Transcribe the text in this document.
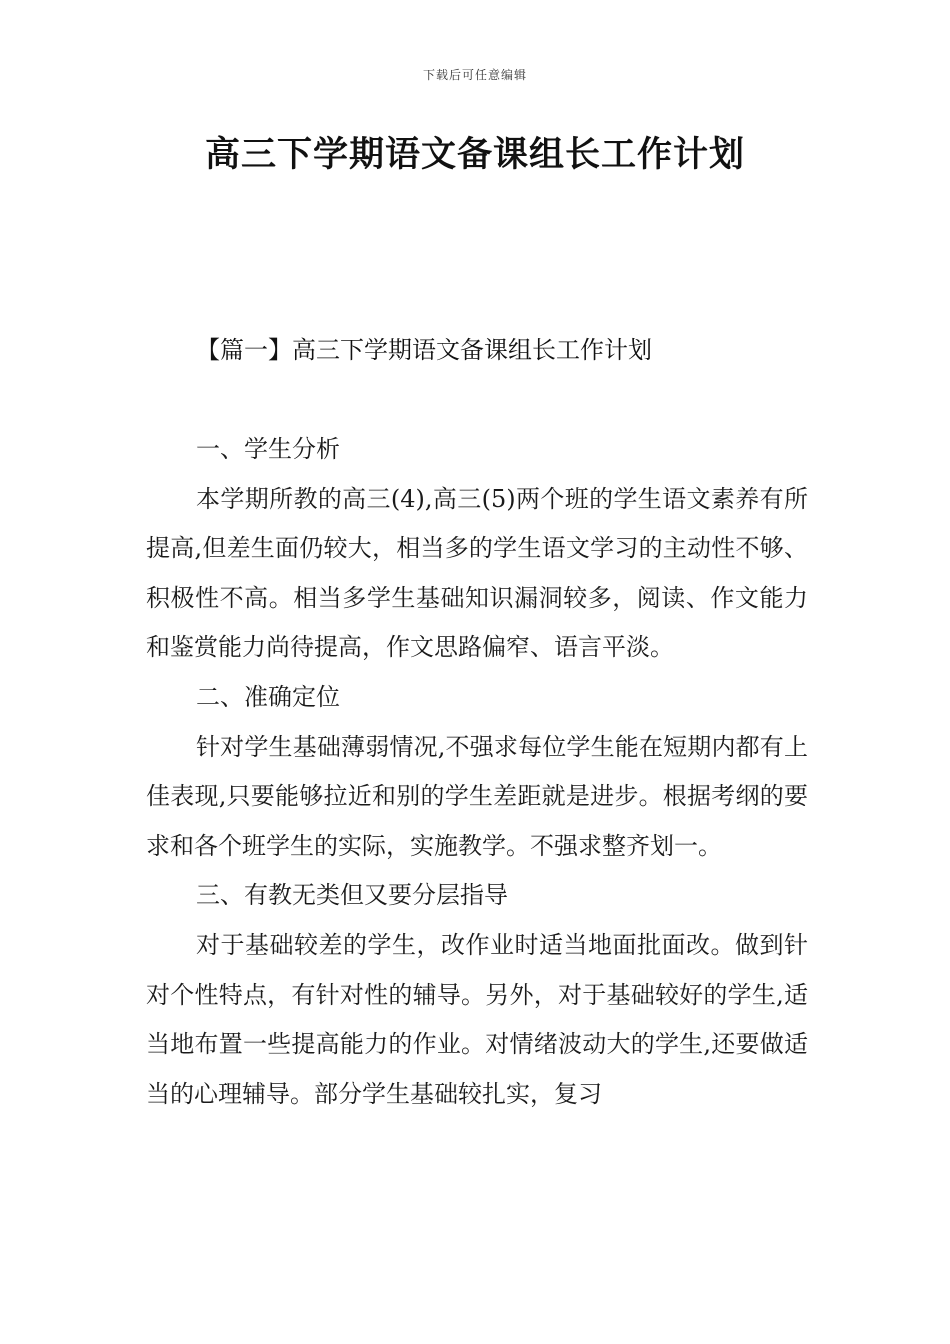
下载后可任意编辑
高三下学期语文备课组长工作计划
【篇一】高三下学期语文备课组长工作计划

一、学生分析

本学期所教的高三(4),高三(5)两个班的学生语文素养有所提高,但差生面仍较大，相当多的学生语文学习的主动性不够、积极性不高。相当多学生基础知识漏洞较多，阅读、作文能力和鉴赏能力尚待提高，作文思路偏窄、语言平淡。

二、准确定位

针对学生基础薄弱情况,不强求每位学生能在短期内都有上佳表现,只要能够拉近和别的学生差距就是进步。根据考纲的要求和各个班学生的实际，实施教学。不强求整齐划一。

三、有教无类但又要分层指导

对于基础较差的学生，改作业时适当地面批面改。做到针对个性特点，有针对性的辅导。另外，对于基础较好的学生,适当地布置一些提高能力的作业。对情绪波动大的学生,还要做适当的心理辅导。部分学生基础较扎实，复习
